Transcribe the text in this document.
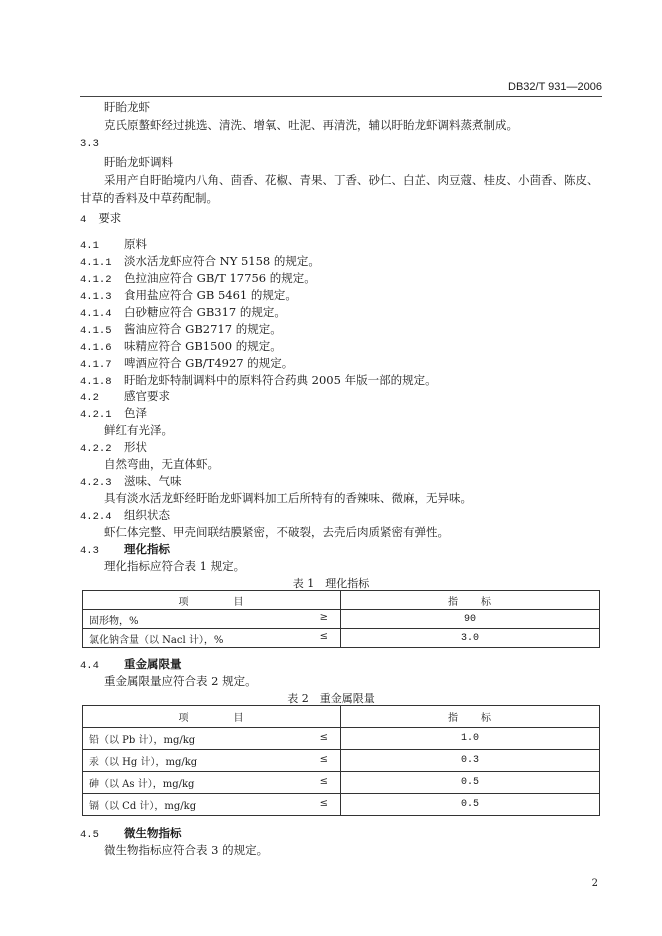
DB32/T 931—2006
盱眙龙虾
克氏原螯虾经过挑选、清洗、增氧、吐泥、再清洗，辅以盱眙龙虾调料蒸煮制成。
3.3
盱眙龙虾调料
采用产自盱眙境内八角、茴香、花椒、青果、丁香、砂仁、白芷、肉豆蔻、桂皮、小茴香、陈皮、
甘草的香料及中草药配制。
4 要求
4.1 原料
4.1.1 淡水活龙虾应符合 NY 5158 的规定。
4.1.2 色拉油应符合 GB/T 17756 的规定。
4.1.3 食用盐应符合 GB 5461 的规定。
4.1.4 白砂糖应符合 GB317 的规定。
4.1.5 酱油应符合 GB2717 的规定。
4.1.6 味精应符合 GB1500 的规定。
4.1.7 啤酒应符合 GB/T4927 的规定。
4.1.8 盱眙龙虾特制调料中的原料符合药典 2005 年版一部的规定。
4.2 感官要求
4.2.1 色泽
鲜红有光泽。
4.2.2 形状
自然弯曲，无直体虾。
4.2.3 滋味、气味
具有淡水活龙虾经盱眙龙虾调料加工后所特有的香辣味、微麻，无异味。
4.2.4 组织状态
虾仁体完整、甲壳间联结膜紧密，不破裂，去壳后肉质紧密有弹性。
4.3 理化指标
理化指标应符合表 1 规定。
表 1　理化指标
项　　　　目	指　　标
固形物，% ≥	90
氯化钠含量（以 Nacl 计），% ≤	3.0
4.4 重金属限量
重金属限量应符合表 2 规定。
表 2　重金属限量
项　　　　目	指　　标
铅（以 Pb 计），mg/kg ≤	1.0
汞（以 Hg 计），mg/kg ≤	0.3
砷（以 As 计），mg/kg ≤	0.5
镉（以 Cd 计），mg/kg ≤	0.5
4.5 微生物指标
微生物指标应符合表 3 的规定。
2
